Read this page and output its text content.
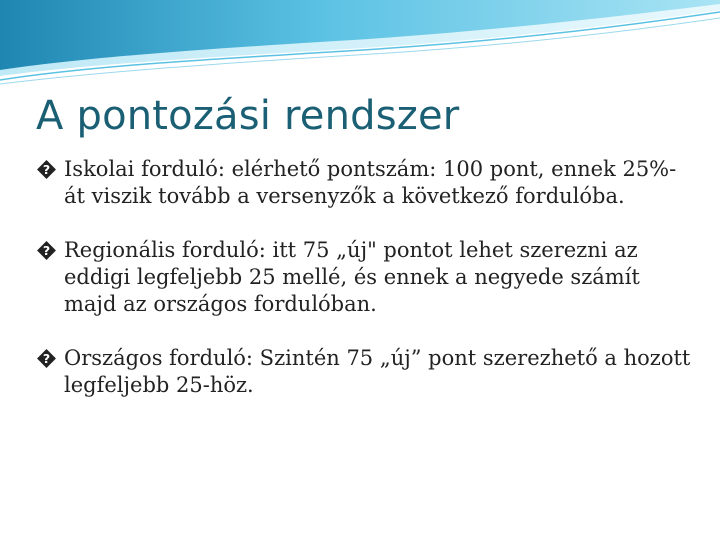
A pontozási rendszer
? Iskolai forduló: elérhető pontszám: 100 pont, ennek 25%-át viszik tovább a versenyzők a következő fordulóba.
? Regionális forduló: itt 75 „új" pontot lehet szerezni az eddigi legfeljebb 25 mellé, és ennek a negyede számít majd az országos fordulóban.
? Országos forduló: Szintén 75 „új” pont szerezhető a hozott legfeljebb 25-höz.
